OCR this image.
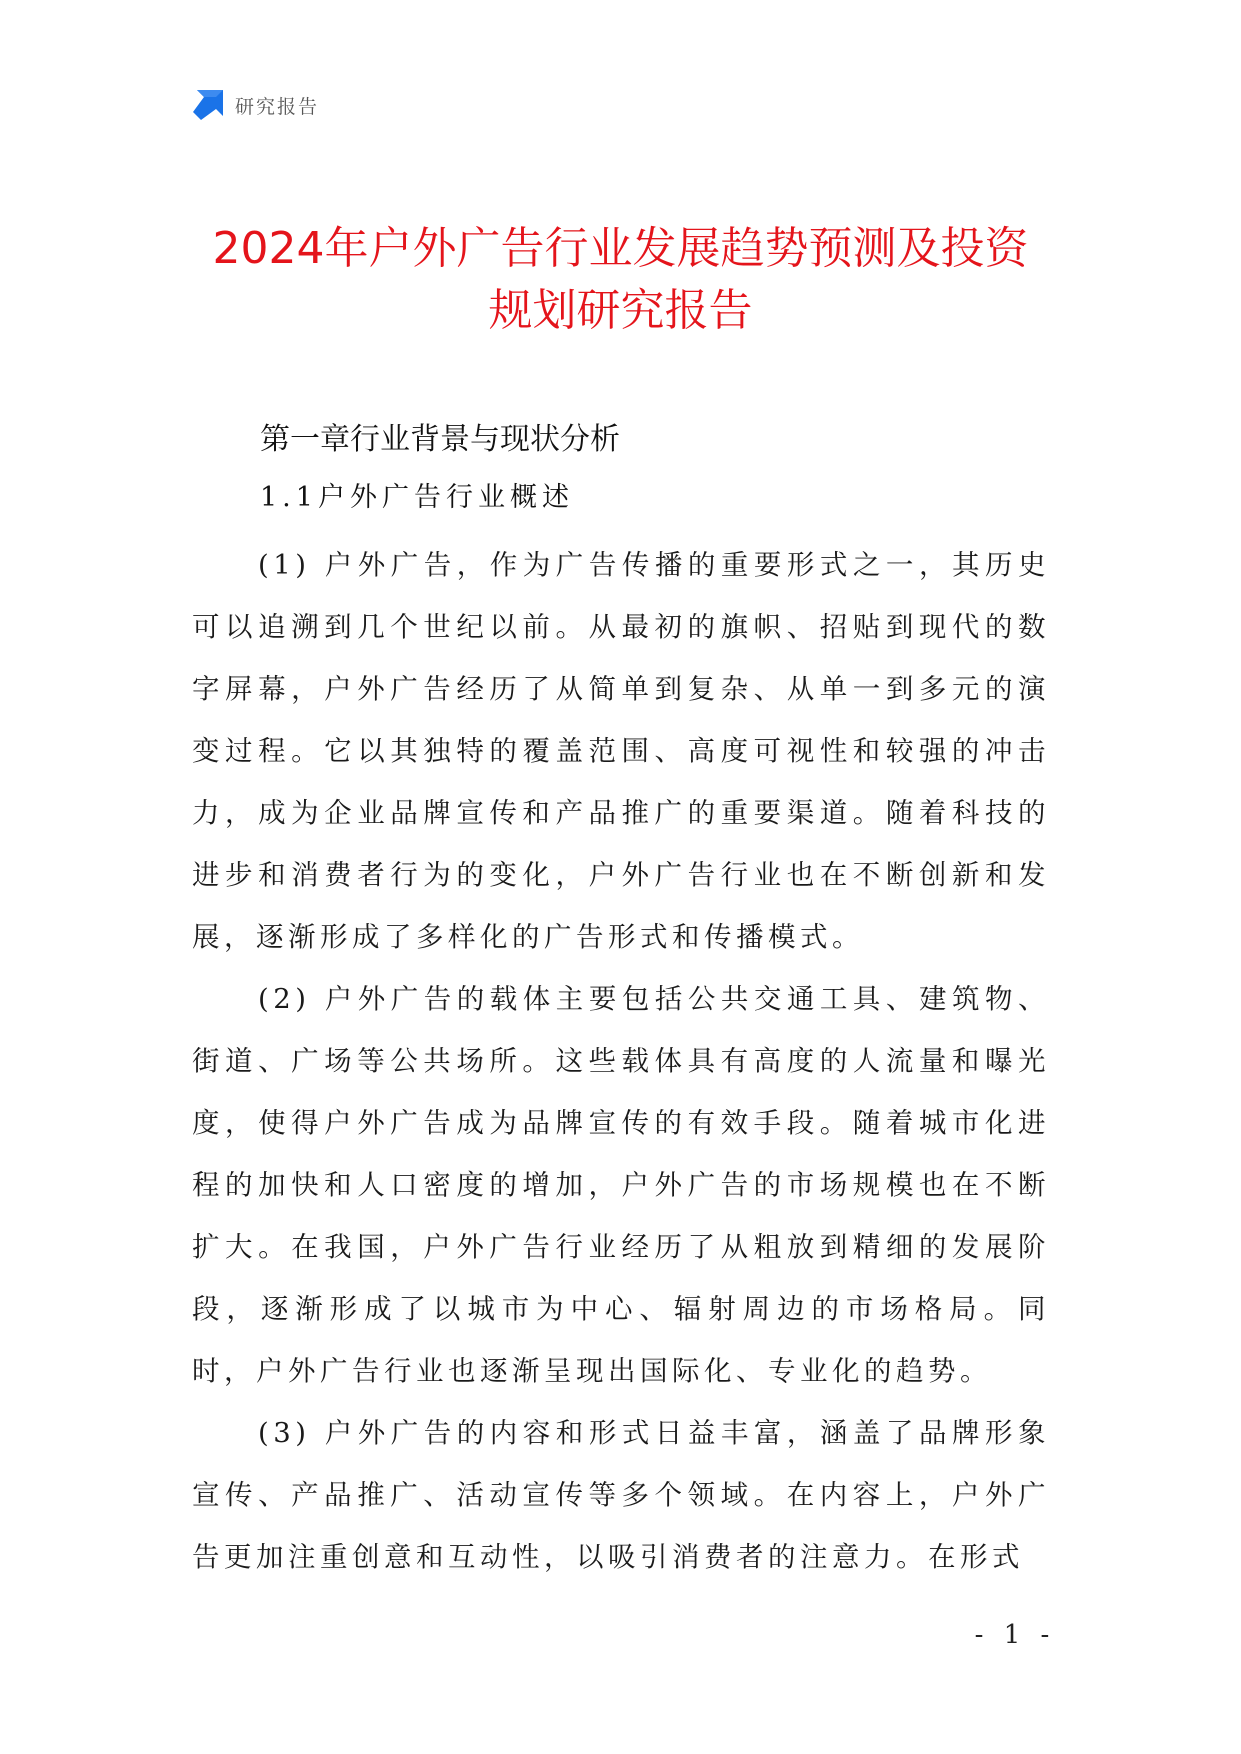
研究报告
2024年户外广告行业发展趋势预测及投资
规划研究报告
第一章行业背景与现状分析
1.1户外广告行业概述

(1) 户外广告，作为广告传播的重要形式之一，其历史可以追溯到几个世纪以前。从最初的旗帜、招贴到现代的数字屏幕，户外广告经历了从简单到复杂、从单一到多元的演变过程。它以其独特的覆盖范围、高度可视性和较强的冲击力，成为企业品牌宣传和产品推广的重要渠道。随着科技的进步和消费者行为的变化，户外广告行业也在不断创新和发展，逐渐形成了多样化的广告形式和传播模式。

(2) 户外广告的载体主要包括公共交通工具、建筑物、街道、广场等公共场所。这些载体具有高度的人流量和曝光度，使得户外广告成为品牌宣传的有效手段。随着城市化进程的加快和人口密度的增加，户外广告的市场规模也在不断扩大。在我国，户外广告行业经历了从粗放到精细的发展阶段，逐渐形成了以城市为中心、辐射周边的市场格局。同时，户外广告行业也逐渐呈现出国际化、专业化的趋势。

(3) 户外广告的内容和形式日益丰富，涵盖了品牌形象宣传、产品推广、活动宣传等多个领域。在内容上，户外广告更加注重创意和互动性，以吸引消费者的注意力。在形式

- 1 -
